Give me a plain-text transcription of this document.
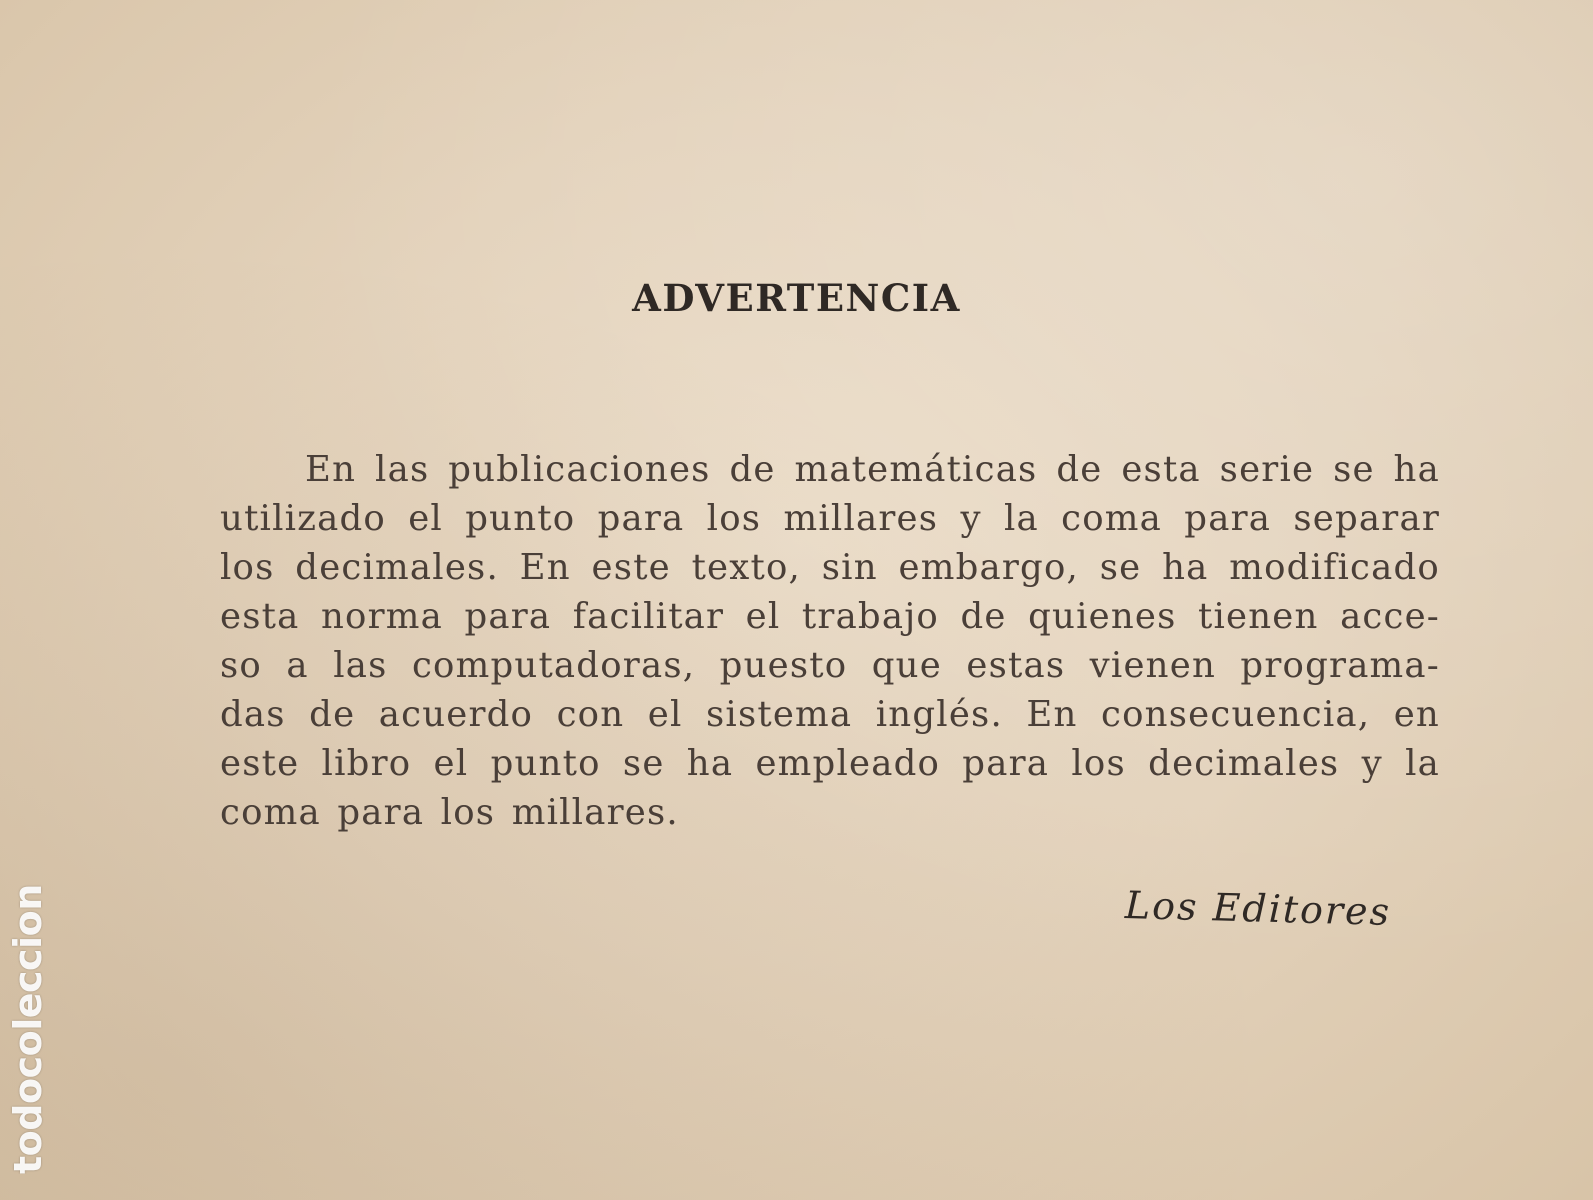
ADVERTENCIA
En las publicaciones de matemáticas de esta serie se ha
utilizado el punto para los millares y la coma para separar
los decimales. En este texto, sin embargo, se ha modificado
esta norma para facilitar el trabajo de quienes tienen acce-
so a las computadoras, puesto que estas vienen programa-
das de acuerdo con el sistema inglés. En consecuencia, en
este libro el punto se ha empleado para los decimales y la
coma para los millares.
Los Editores
todocoleccion
